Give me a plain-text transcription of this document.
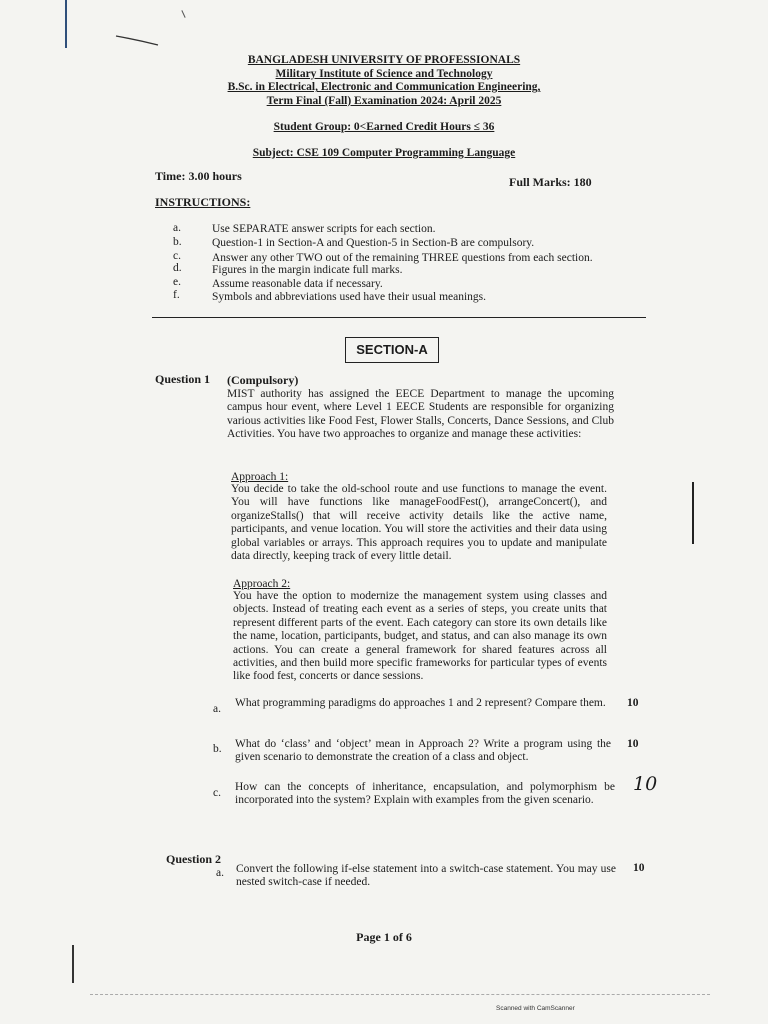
BANGLADESH UNIVERSITY OF PROFESSIONALS
Military Institute of Science and Technology
B.Sc. in Electrical, Electronic and Communication Engineering,
Term Final (Fall) Examination 2024: April 2025
Student Group: 0<Earned Credit Hours ≤ 36
Subject: CSE 109 Computer Programming Language
Time: 3.00 hours	Full Marks: 180
INSTRUCTIONS:
a.	Use SEPARATE answer scripts for each section.
b.	Question-1 in Section-A and Question-5 in Section-B are compulsory.
c.	Answer any other TWO out of the remaining THREE questions from each section.
d.	Figures in the margin indicate full marks.
e.	Assume reasonable data if necessary.
f.	Symbols and abbreviations used have their usual meanings.
SECTION-A
Question 1 (Compulsory)
MIST authority has assigned the EECE Department to manage the upcoming campus hour event, where Level 1 EECE Students are responsible for organizing various activities like Food Fest, Flower Stalls, Concerts, Dance Sessions, and Club Activities. You have two approaches to organize and manage these activities:
Approach 1:
You decide to take the old-school route and use functions to manage the event. You will have functions like manageFoodFest(), arrangeConcert(), and organizeStalls() that will receive activity details like the active name, participants, and venue location. You will store the activities and their data using global variables or arrays. This approach requires you to update and manipulate data directly, keeping track of every little detail.
Approach 2:
You have the option to modernize the management system using classes and objects. Instead of treating each event as a series of steps, you create units that represent different parts of the event. Each category can store its own details like the name, location, participants, budget, and status, and can also manage its own actions. You can create a general framework for shared features across all activities, and then build more specific frameworks for particular types of events like food fest, concerts or dance sessions.
a. What programming paradigms do approaches 1 and 2 represent? Compare them.	10
b. What do ‘class’ and ‘object’ mean in Approach 2? Write a program using the given scenario to demonstrate the creation of a class and object.
10
c. How can the concepts of inheritance, encapsulation, and polymorphism be incorporated into the system? Explain with examples from the given scenario.
10
Question 2
a. Convert the following if-else statement into a switch-case statement. You may use nested switch-case if needed.
10
Page 1 of 6
Scanned with CamScanner
